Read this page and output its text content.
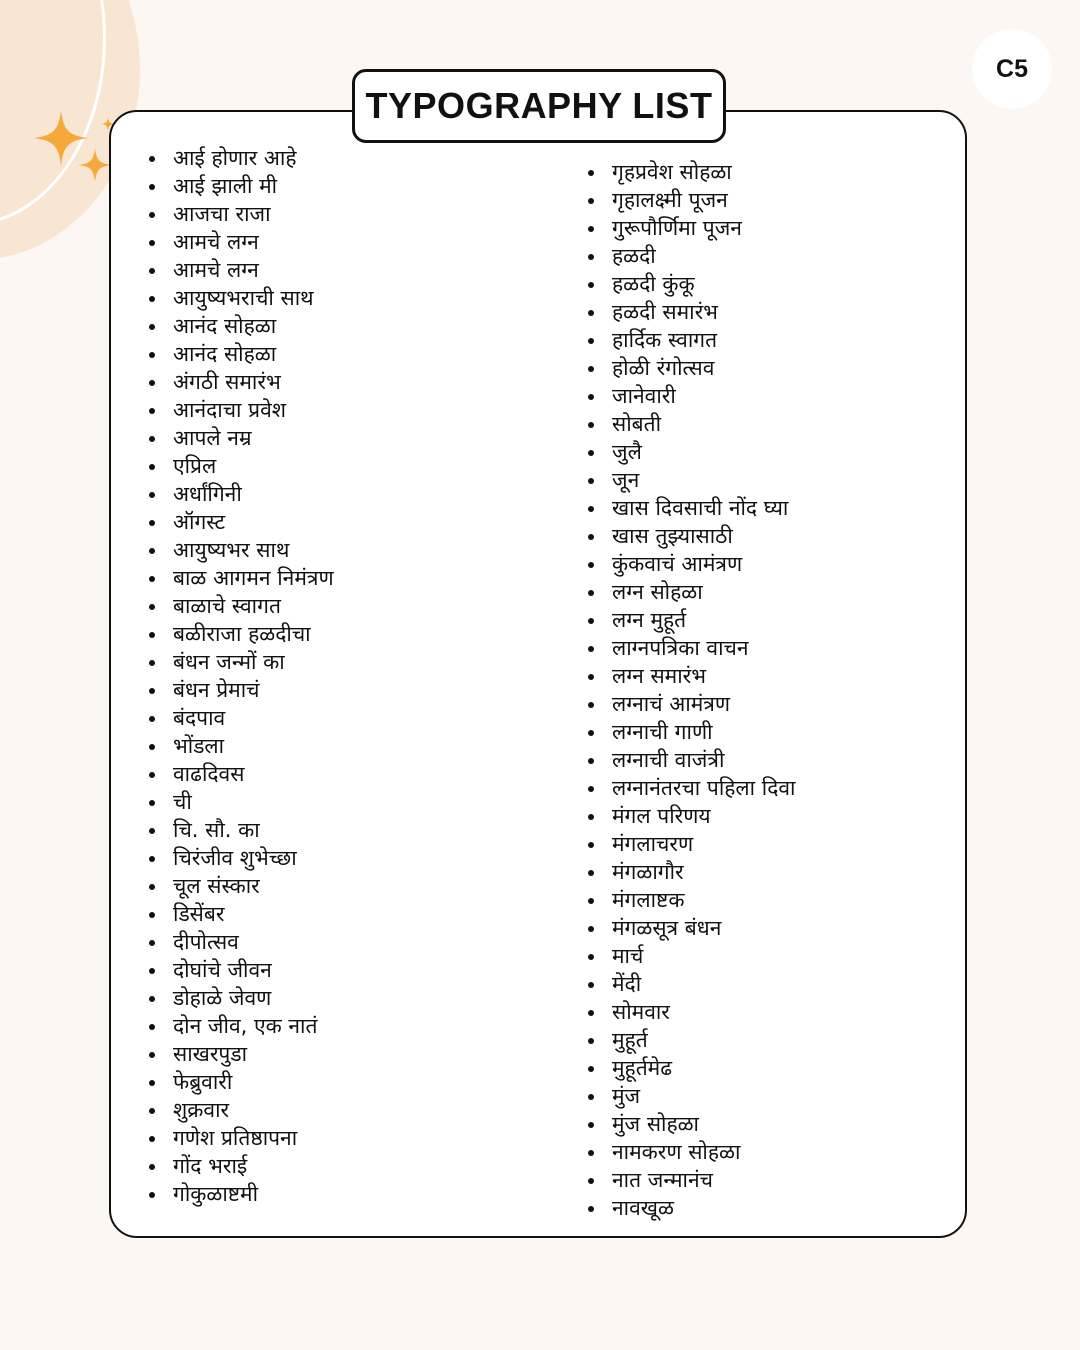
C5
TYPOGRAPHY LIST
आई होणार आहे
आई झाली मी
आजचा राजा
आमचे लग्न
आमचे लग्न
आयुष्यभराची साथ
आनंद सोहळा
आनंद सोहळा
अंगठी समारंभ
आनंदाचा प्रवेश
आपले नम्र
एप्रिल
अर्धांगिनी
ऑगस्ट
आयुष्यभर साथ
बाळ आगमन निमंत्रण
बाळाचे स्वागत
बळीराजा हळदीचा
बंधन जन्मों का
बंधन प्रेमाचं
बंदपाव
भोंडला
वाढदिवस
ची
चि. सौ. का
चिरंजीव शुभेच्छा
चूल संस्कार
डिसेंबर
दीपोत्सव
दोघांचे जीवन
डोहाळे जेवण
दोन जीव, एक नातं
साखरपुडा
फेब्रुवारी
शुक्रवार
गणेश प्रतिष्ठापना
गोंद भराई
गोकुळाष्टमी
गृहप्रवेश सोहळा
गृहालक्ष्मी पूजन
गुरूपौर्णिमा पूजन
हळदी
हळदी कुंकू
हळदी समारंभ
हार्दिक स्वागत
होळी रंगोत्सव
जानेवारी
सोबती
जुलै
जून
खास दिवसाची नोंद घ्या
खास तुझ्यासाठी
कुंकवाचं आमंत्रण
लग्न सोहळा
लग्न मुहूर्त
लाग्नपत्रिका वाचन
लग्न समारंभ
लग्नाचं आमंत्रण
लग्नाची गाणी
लग्नाची वाजंत्री
लग्नानंतरचा पहिला दिवा
मंगल परिणय
मंगलाचरण
मंगळागौर
मंगलाष्टक
मंगळसूत्र बंधन
मार्च
मेंदी
सोमवार
मुहूर्त
मुहूर्तमेढ
मुंज
मुंज सोहळा
नामकरण सोहळा
नात जन्मानंच
नावखूळ
